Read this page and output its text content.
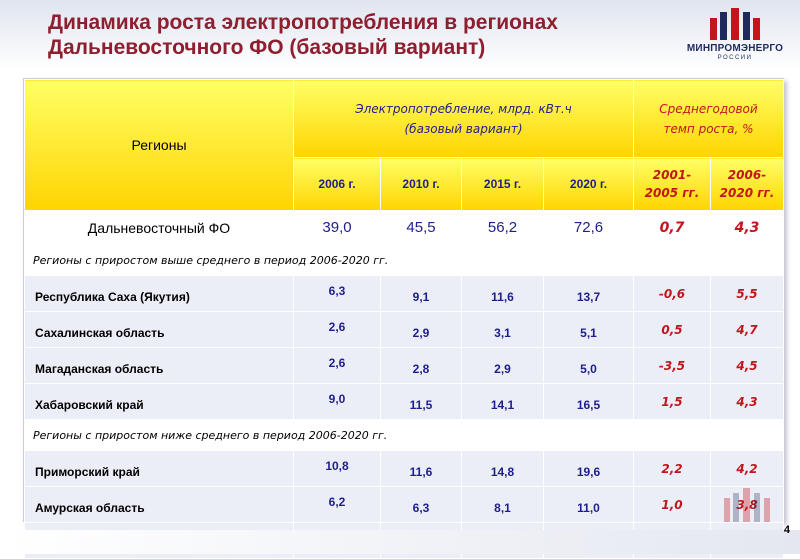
Динамика роста электропотребления в регионах
Дальневосточного ФО (базовый вариант)	МИНПРОМЭНЕРГО
РОССИИ
Регионы	Электропотребление, млрд. кВт.ч
(базовый вариант)				Среднегодовой
темп роста, %	
	2006 г.	2010 г.	2015 г.	2020 г.	2001-
2005 гг.	2006-
2020 гг.
Дальневосточный ФО	39,0	45,5	56,2	72,6	0,7	4,3
Регионы с приростом выше среднего в период 2006-2020 гг.						
Республика Саха (Якутия)	6,3	9,1	11,6	13,7	-0,6	5,5
Сахалинская область	2,6	2,9	3,1	5,1	0,5	4,7
Магаданская область	2,6	2,8	2,9	5,0	-3,5	4,5
Хабаровский край	9,0	11,5	14,1	16,5	1,5	4,3
Регионы с приростом ниже среднего в период 2006-2020 гг.						
Приморский край	10,8	11,6	14,8	19,6	2,2	4,2
Амурская область	6,2	6,3	8,1	11,0	1,0	3,8

4
